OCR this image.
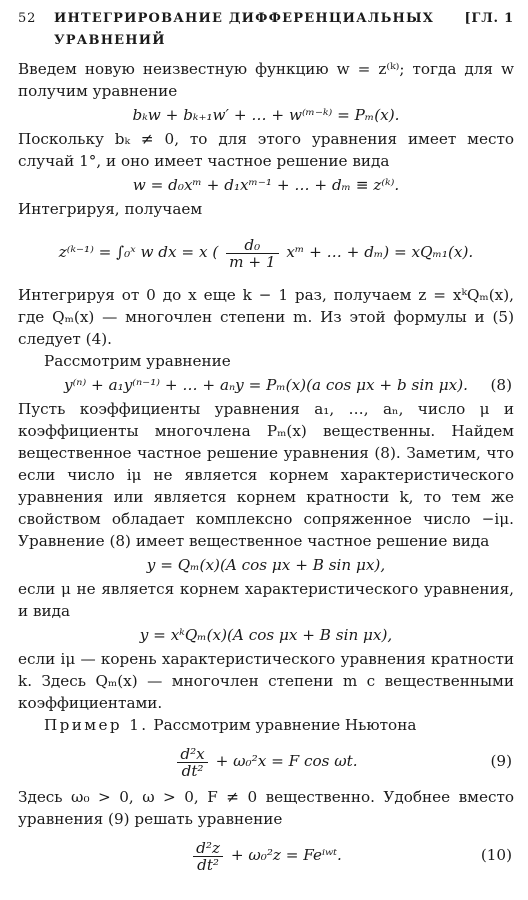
52	ИНТЕГРИРОВАНИЕ ДИФФЕРЕНЦИАЛЬНЫХ УРАВНЕНИЙ
[ГЛ. 1

Введем новую неизвестную функцию w = z⁽ᵏ⁾; тогда для w получим уравнение

bₖw + bₖ₊₁w′ + … + w⁽ᵐ⁻ᵏ⁾ = Pₘ(x).

Поскольку bₖ ≠ 0, то для этого уравнения имеет место случай 1°, и оно имеет частное решение вида

w = d₀xᵐ + d₁xᵐ⁻¹ + … + dₘ ≡ z⁽ᵏ⁾.

Интегрируя, получаем

z⁽ᵏ⁻¹⁾ = ∫₀ˣ w dx = x ( $\frac{\text{d₀}}{m + 1}$ xᵐ + … + dₘ) = xQₘ₁(x).

Интегрируя от 0 до x еще k − 1 раз, получаем z = xᵏQₘ(x), где Qₘ(x) — многочлен степени m. Из этой формулы и (5) следует (4).

Рассмотрим уравнение

y⁽ⁿ⁾ + a₁y⁽ⁿ⁻¹⁾ + … + aₙy = Pₘ(x)(a cos μx + b sin μx). (8)

Пусть коэффициенты уравнения a₁, …, aₙ, число μ и коэффициенты многочлена Pₘ(x) вещественны. Найдем вещественное частное решение уравнения (8). Заметим, что если число iμ не является корнем характеристического уравнения или является корнем кратности k, то тем же свойством обладает комплексно сопряженное число −iμ. Уравнение (8) имеет вещественное частное решение вида

y = Qₘ(x)(A cos μx + B sin μx),

если μ не является корнем характеристического уравнения, и вида

y = xᵏQₘ(x)(A cos μx + B sin μx),

если iμ — корень характеристического уравнения кратности k. Здесь Qₘ(x) — многочлен степени m с вещественными коэффициентами.

Пример 1. Рассмотрим уравнение Ньютона

$\frac{\text{d²x}}{\text{dt²}} + \omega_0^2x = F$ cos ωt.	(9)

Здесь ω₀ > 0, ω > 0, F ≠ 0 вещественно. Удобнее вместо уравнения (9) решать уравнение

$\frac{\text{d²z}}{\text{dt²}} + \omega_0^2z$ = Feⁱʷᵗ.	(10)
